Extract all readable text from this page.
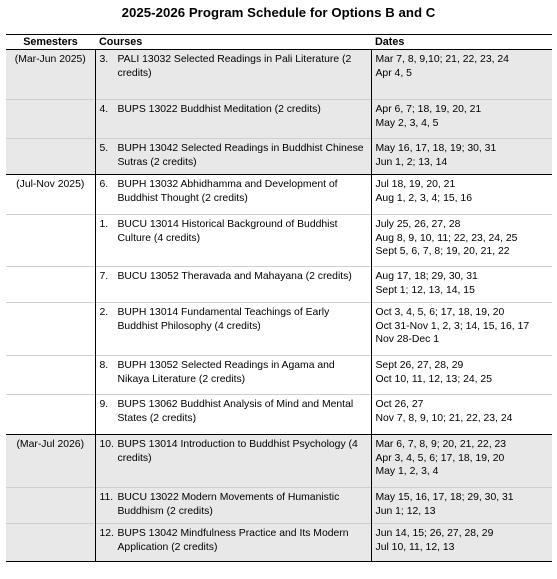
2025-2026 Program Schedule for Options B and C
Semesters	Courses	Dates
(Mar-Jun 2025)	3. PALI 13032 Selected Readings in Pali Literature (2 credits)	Mar 7, 8, 9,10; 21, 22, 23, 24
Apr 4, 5

	4. BUPS 13022 Buddhist Meditation (2 credits)	Apr 6, 7; 18, 19, 20, 21
May 2, 3, 4, 5

	5. BUPH 13042 Selected Readings in Buddhist Chinese Sutras (2 credits)	May 16, 17, 18, 19; 30, 31
Jun 1, 2; 13, 14
(Jul-Nov 2025)	6. BUPH 13032 Abhidhamma and Development of Buddhist Thought (2 credits)	Jul 18, 19, 20, 21
Aug 1, 2, 3, 4; 15, 16

	1. BUCU 13014 Historical Background of Buddhist Culture (4 credits)	July 25, 26, 27, 28
Aug 8, 9, 10, 11; 22, 23, 24, 25
Sept 5, 6, 7, 8; 19, 20, 21, 22

	7. BUCU 13052 Theravada and Mahayana (2 credits)	Aug 17, 18; 29, 30, 31
Sept 1; 12, 13, 14, 15

	2. BUPH 13014 Fundamental Teachings of Early Buddhist Philosophy (4 credits)	Oct 3, 4, 5, 6; 17, 18, 19, 20
Oct 31-Nov 1, 2, 3; 14, 15, 16, 17
Nov 28-Dec 1

	8. BUPH 13052 Selected Readings in Agama and Nikaya Literature (2 credits)	Sept 26, 27, 28, 29
Oct 10, 11, 12, 13; 24, 25

	9. BUPS 13062 Buddhist Analysis of Mind and Mental States (2 credits)	Oct 26, 27
Nov 7, 8, 9, 10; 21, 22, 23, 24
(Mar-Jul 2026)	10. BUPS 13014 Introduction to Buddhist Psychology (4 credits)	Mar 6, 7, 8, 9; 20, 21, 22, 23
Apr 3, 4, 5, 6; 17, 18, 19, 20
May 1, 2, 3, 4

	11. BUCU 13022 Modern Movements of Humanistic Buddhism (2 credits)	May 15, 16, 17, 18; 29, 30, 31
Jun 1; 12, 13

	12. BUPS 13042 Mindfulness Practice and Its Modern Application (2 credits)	Jun 14, 15; 26, 27, 28, 29
Jul 10, 11, 12, 13
